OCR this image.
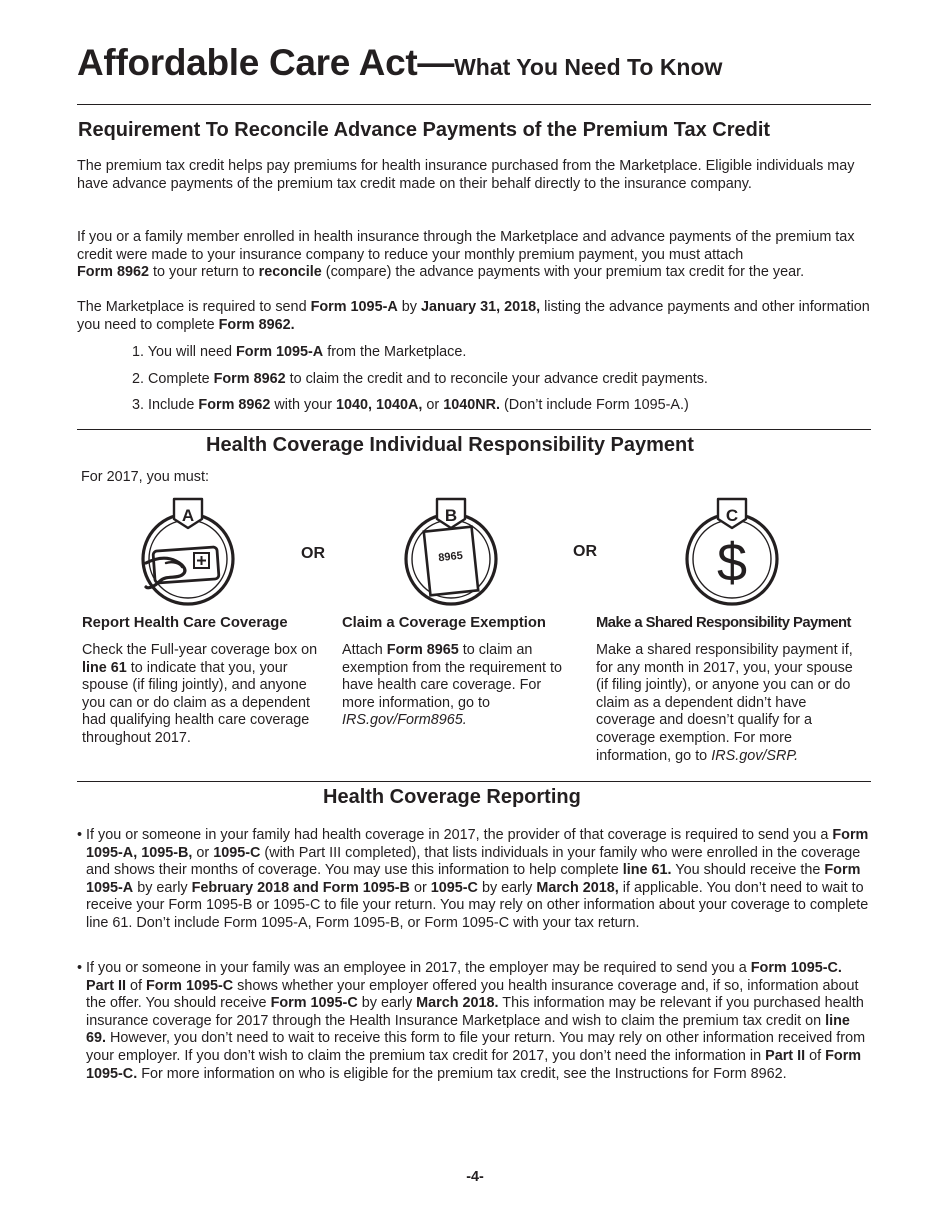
Affordable Care Act—What You Need To Know
Requirement To Reconcile Advance Payments of the Premium Tax Credit
The premium tax credit helps pay premiums for health insurance purchased from the Marketplace. Eligible individuals may have advance payments of the premium tax credit made on their behalf directly to the insurance company.
If you or a family member enrolled in health insurance through the Marketplace and advance payments of the premium tax credit were made to your insurance company to reduce your monthly premium payment, you must attach
Form 8962 to your return to reconcile (compare) the advance payments with your premium tax credit for the year.
The Marketplace is required to send Form 1095-A by January 31, 2018, listing the advance payments and other information you need to complete Form 8962.
1. You will need Form 1095-A from the Marketplace.
2. Complete Form 8962 to claim the credit and to reconcile your advance credit payments.
3. Include Form 8962 with your 1040, 1040A, or 1040NR. (Don’t include Form 1095-A.)
Health Coverage Individual Responsibility Payment
For 2017, you must:
A
OR	8965
B
OR $
C
Report Health Care Coverage	Claim a Coverage Exemption	Make a Shared Responsibility Payment
Check the Full-year coverage box on line 61 to indicate that you, your spouse (if filing jointly), and anyone you can or do claim as a dependent had qualifying health care coverage throughout 2017.
Attach Form 8965 to claim an exemption from the requirement to have health care coverage. For more information, go to IRS.gov/Form8965.
Make a shared responsibility payment if, for any month in 2017, you, your spouse (if filing jointly), or anyone you can or do claim as a dependent didn’t have coverage and doesn’t qualify for a coverage exemption. For more information, go to IRS.gov/SRP.
Health Coverage Reporting
• If you or someone in your family had health coverage in 2017, the provider of that coverage is required to send you a Form 1095-A, 1095-B, or 1095-C (with Part III completed), that lists individuals in your family who were enrolled in the coverage and shows their months of coverage. You may use this information to help complete line 61. You should receive the Form 1095-A by early February 2018 and Form 1095-B or 1095-C by early March 2018, if applicable. You don’t need to wait to receive your Form 1095-B or 1095-C to file your return. You may rely on other information about your coverage to complete line 61. Don’t include Form 1095-A, Form 1095-B, or Form 1095-C with your tax return.
• If you or someone in your family was an employee in 2017, the employer may be required to send you a Form 1095-C. Part II of Form 1095-C shows whether your employer offered you health insurance coverage and, if so, information about the offer. You should receive Form 1095-C by early March 2018. This information may be relevant if you purchased health insurance coverage for 2017 through the Health Insurance Marketplace and wish to claim the premium tax credit on line 69. However, you don’t need to wait to receive this form to file your return. You may rely on other information received from your employer. If you don’t wish to claim the premium tax credit for 2017, you don’t need the information in Part II of Form 1095-C. For more information on who is eligible for the premium tax credit, see the Instructions for Form 8962.
-4-
